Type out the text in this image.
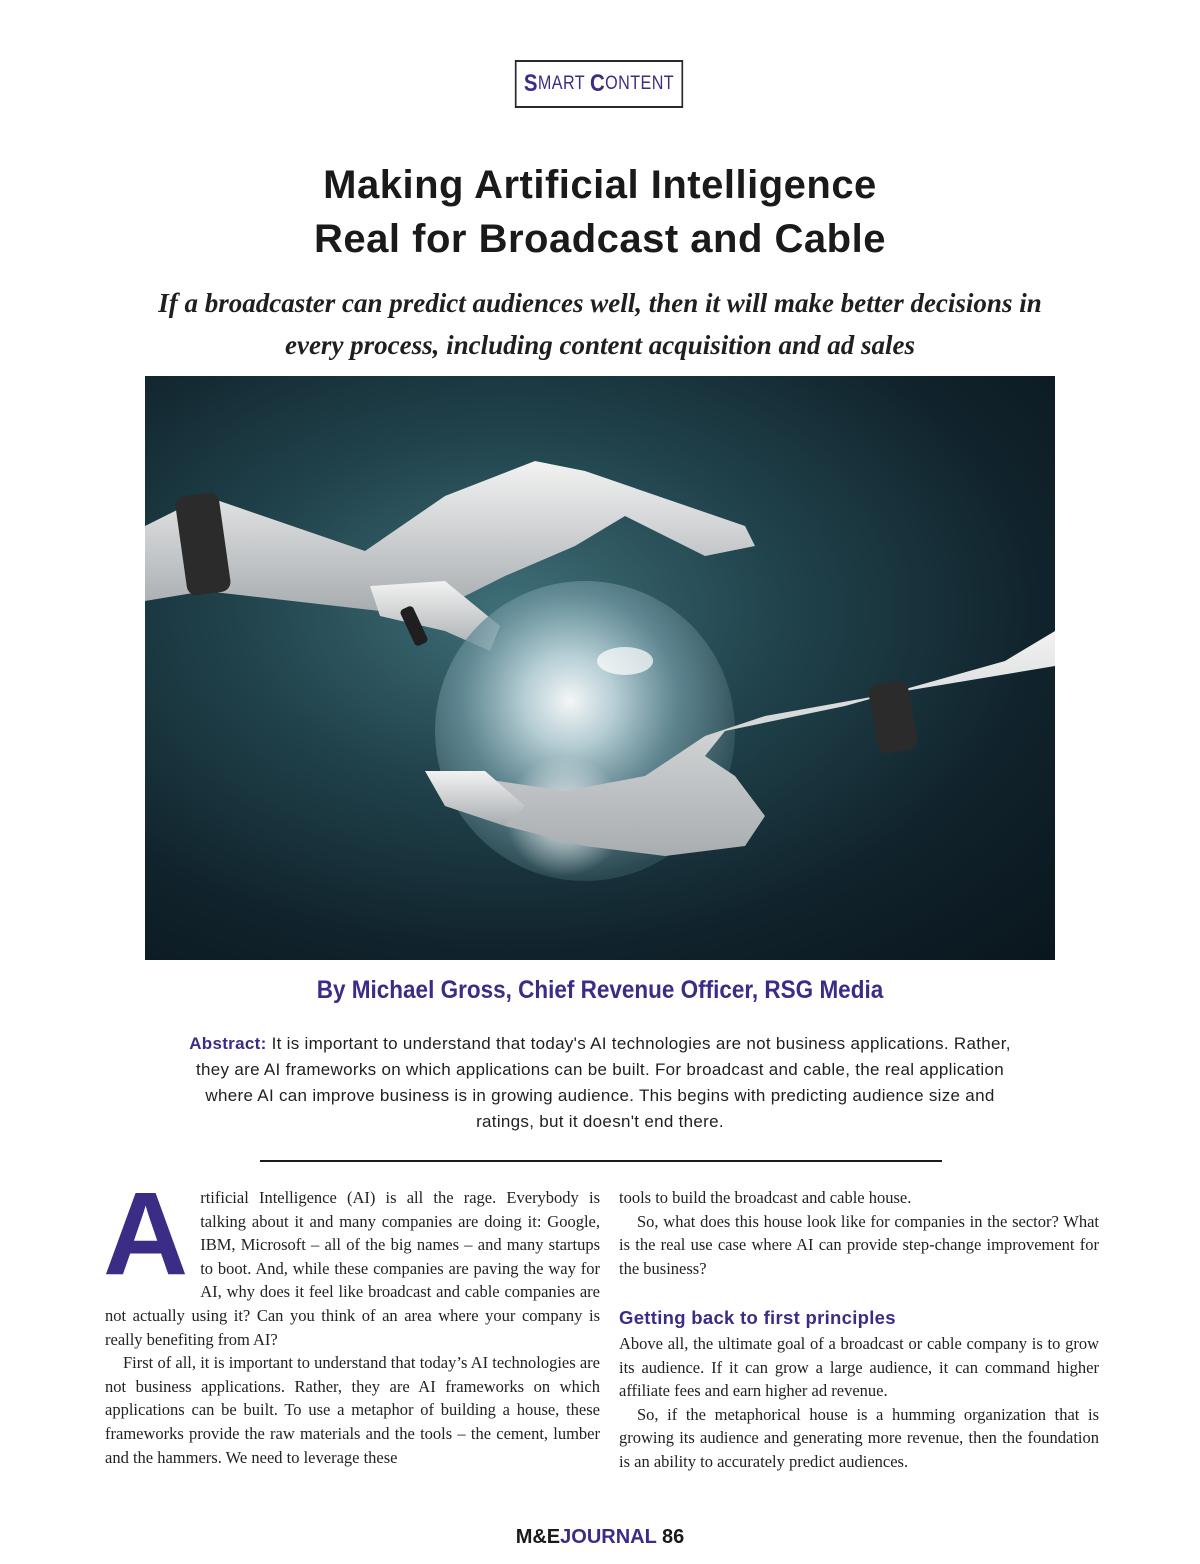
S MART
C ONTENT
Making Artificial Intelligence
Real for Broadcast and Cable
If a broadcaster can predict audiences well, then it will make better decisions in every process, including content acquisition and ad sales
By Michael Gross, Chief Revenue Officer, RSG Media
Abstract: It is important to understand that today's AI technologies are not business applications. Rather, they are AI frameworks on which applications can be built. For broadcast and cable, the real application where AI can improve business is in growing audience. This begins with predicting audience size and ratings, but it doesn't end there.
A rtificial Intelligence (AI) is all the rage. Everybody is talking about it and many companies are doing it: Google, IBM, Microsoft – all of the big names – and many startups to boot. And, while these companies are paving the way for AI, why does it feel like broadcast and cable companies are not actually using it? Can you think of an area where your company is really benefiting from AI?

First of all, it is important to understand that today’s AI technologies are not business applications. Rather, they are AI frameworks on which applications can be built. To use a metaphor of building a house, these frameworks provide the raw materials and the tools – the cement, lumber and the hammers. We need to leverage these

tools to build the broadcast and cable house.

So, what does this house look like for companies in the sector? What is the real use case where AI can provide step-change improvement for the business?

Getting back to first principles

Above all, the ultimate goal of a broadcast or cable company is to grow its audience. If it can grow a large audience, it can command higher affiliate fees and earn higher ad revenue.

So, if the metaphorical house is a humming organization that is growing its audience and generating more revenue, then the foundation is an ability to accurately predict audiences.

M&EJOURNAL 86
